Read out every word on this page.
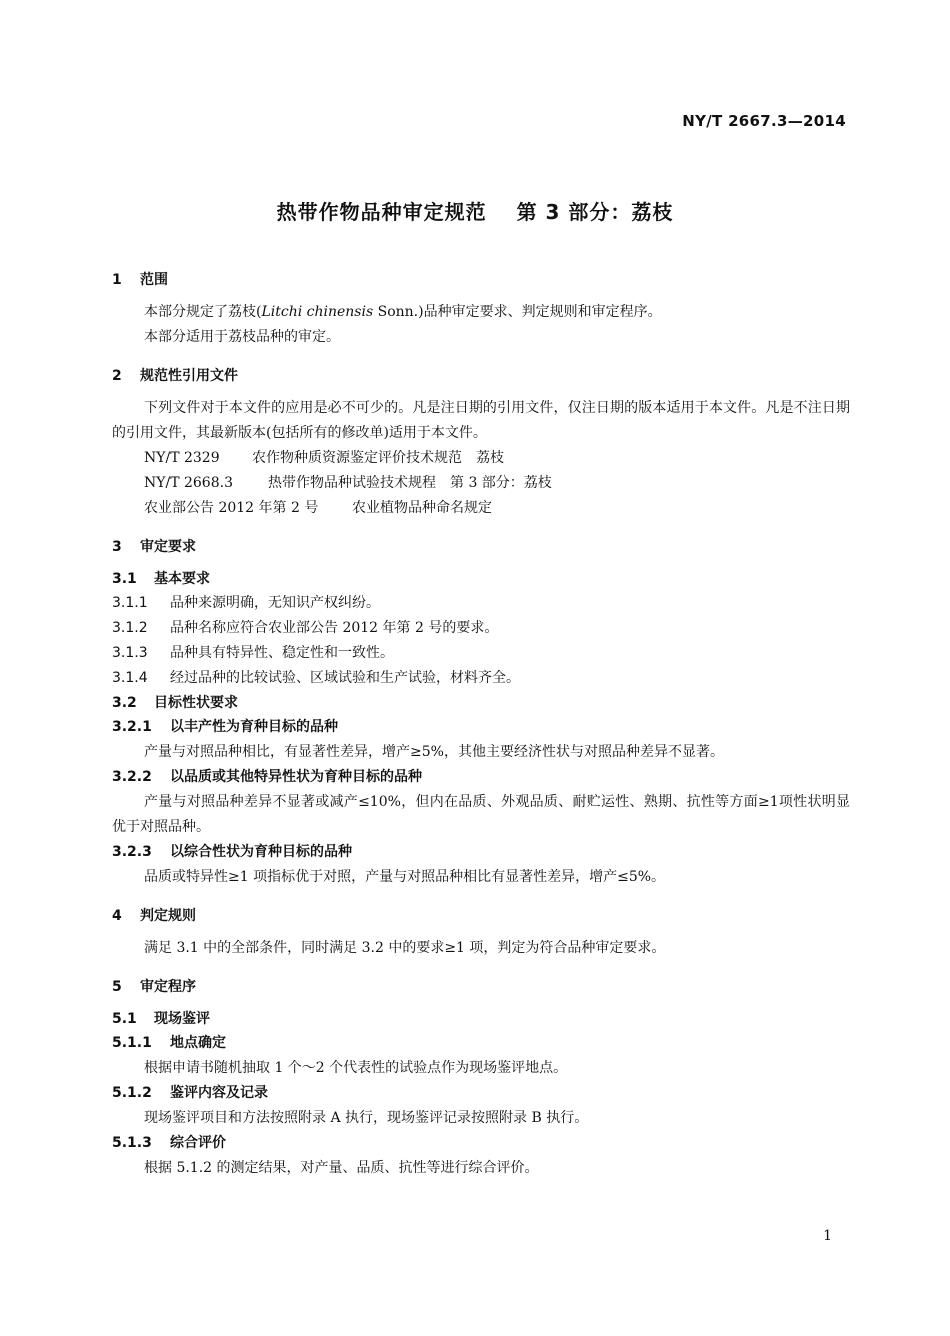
NY/T 2667.3—2014
热带作物品种审定规范 第 3 部分：荔枝
1 范围
本部分规定了荔枝(Litchi chinensis Sonn.)品种审定要求、判定规则和审定程序。
本部分适用于荔枝品种的审定。
2 规范性引用文件
下列文件对于本文件的应用是必不可少的。凡是注日期的引用文件，仅注日期的版本适用于本文件。凡是不注日期的引用文件，其最新版本(包括所有的修改单)适用于本文件。
NY/T 2329 农作物种质资源鉴定评价技术规范　荔枝
NY/T 2668.3	热带作物品种试验技术规程　第 3 部分：荔枝
农业部公告 2012 年第 2 号 农业植物品种命名规定
3 审定要求
3.1 基本要求
3.1.1 品种来源明确，无知识产权纠纷。
3.1.2 品种名称应符合农业部公告 2012 年第 2 号的要求。
3.1.3 品种具有特异性、稳定性和一致性。
3.1.4 经过品种的比较试验、区域试验和生产试验，材料齐全。
3.2 目标性状要求
3.2.1 以丰产性为育种目标的品种
产量与对照品种相比，有显著性差异，增产≥5%，其他主要经济性状与对照品种差异不显著。
3.2.2 以品质或其他特异性状为育种目标的品种
产量与对照品种差异不显著或减产≤10%，但内在品质、外观品质、耐贮运性、熟期、抗性等方面≥1项性状明显优于对照品种。
3.2.3 以综合性状为育种目标的品种
品质或特异性≥1 项指标优于对照，产量与对照品种相比有显著性差异，增产≤5%。
4 判定规则
满足 3.1 中的全部条件，同时满足 3.2 中的要求≥1 项，判定为符合品种审定要求。
5 审定程序
5.1 现场鉴评
5.1.1 地点确定
根据申请书随机抽取 1 个～2 个代表性的试验点作为现场鉴评地点。
5.1.2 鉴评内容及记录
现场鉴评项目和方法按照附录 A 执行，现场鉴评记录按照附录 B 执行。
5.1.3 综合评价
根据 5.1.2 的测定结果，对产量、品质、抗性等进行综合评价。
1
